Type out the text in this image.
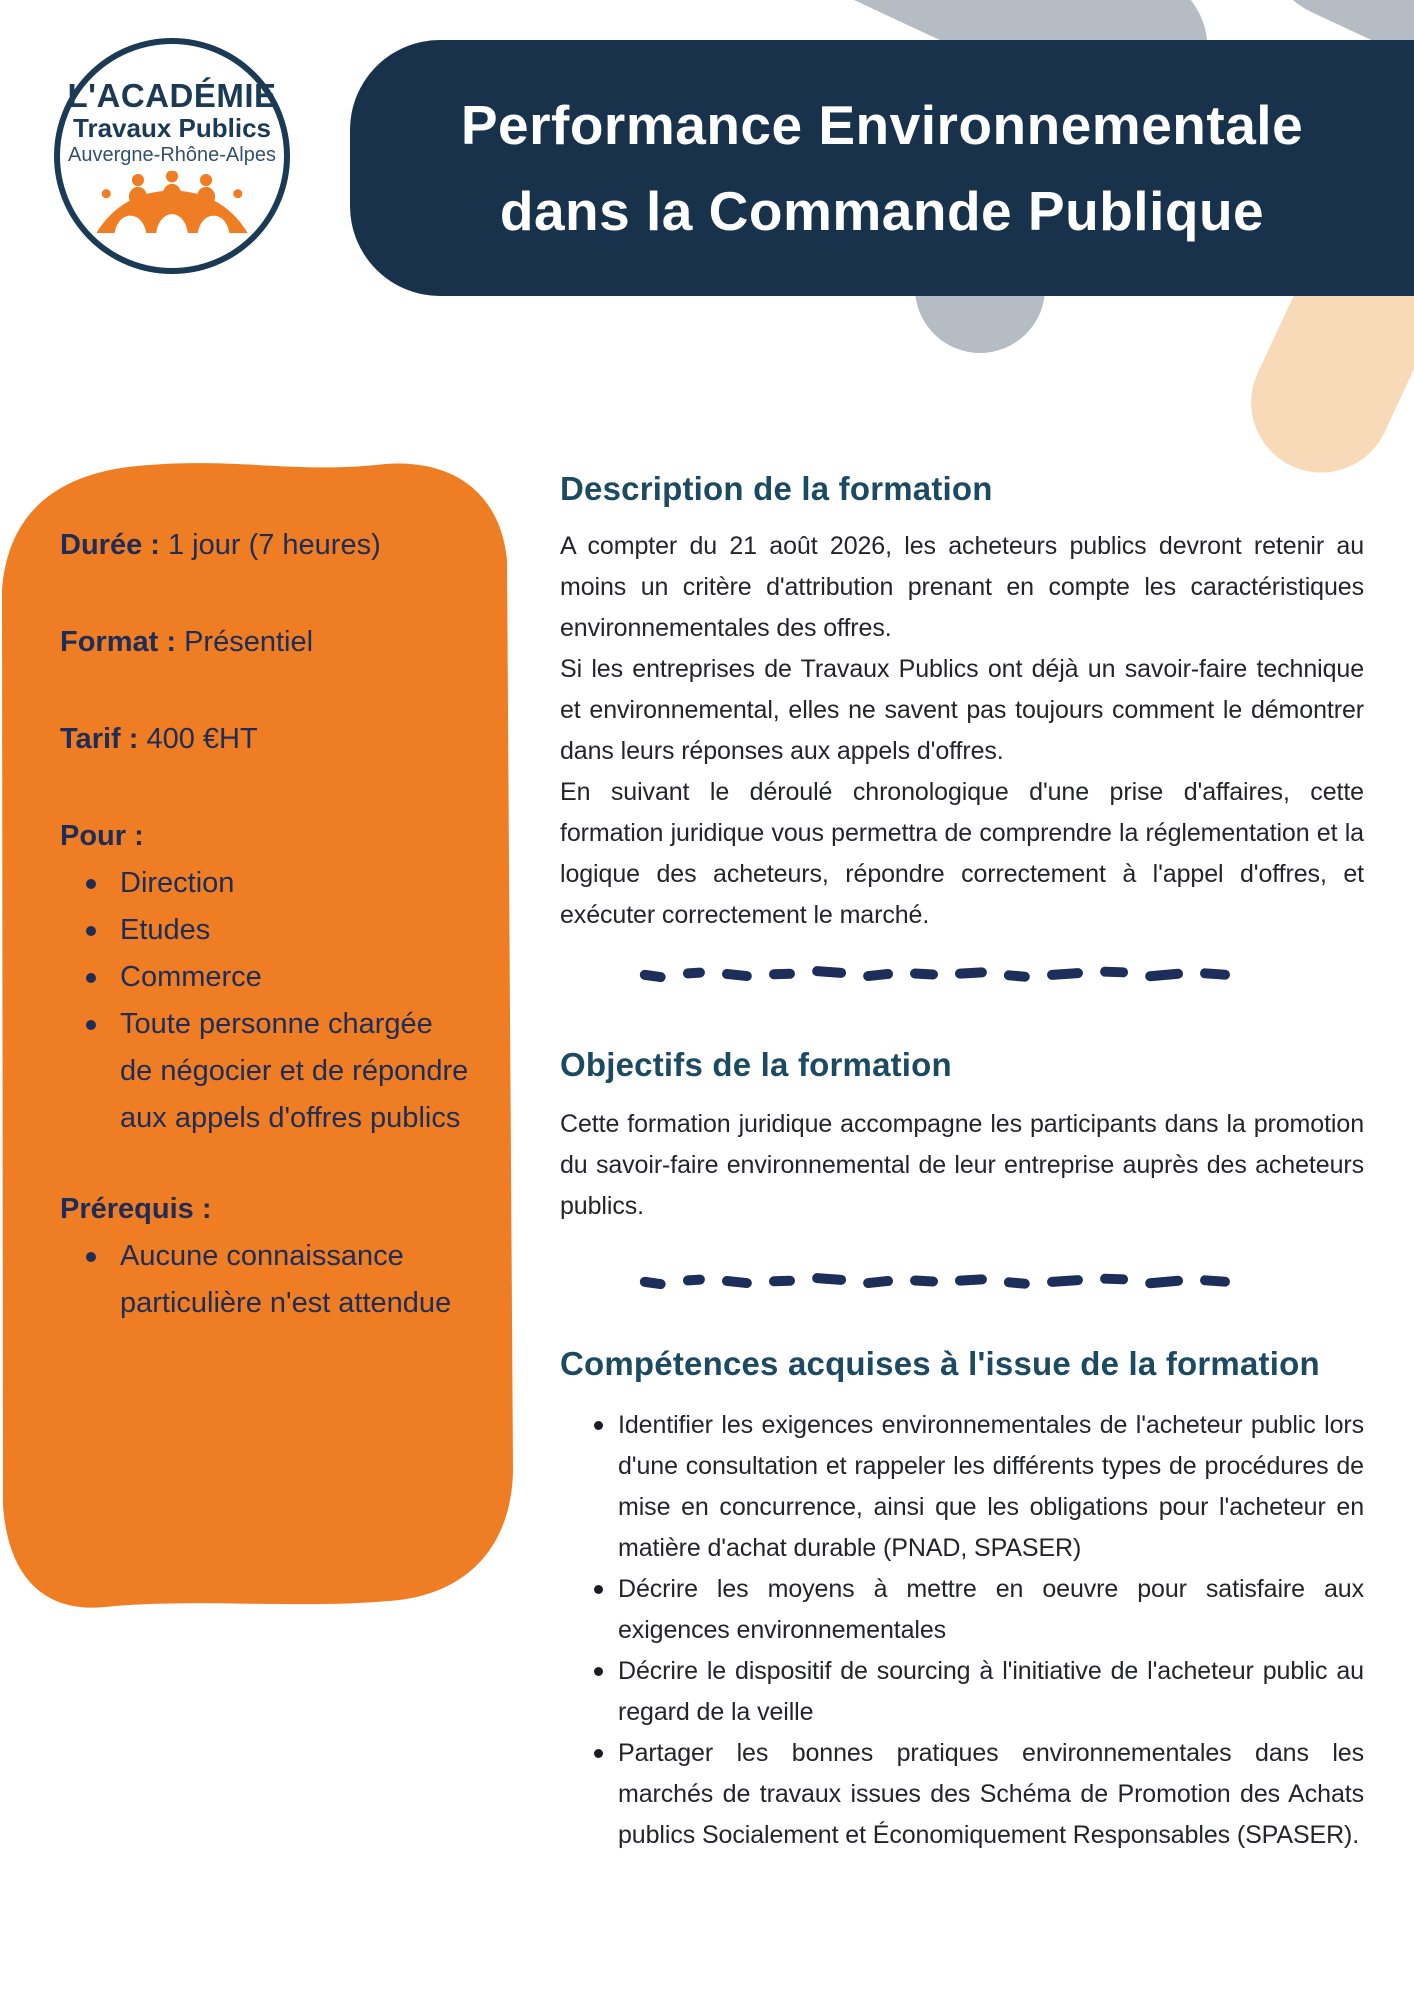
Performance Environnementale
dans la Commande Publique
L'ACADÉMIE
Travaux Publics
Auvergne-Rhône-Alpes
Durée : 1 jour (7 heures)
Format : Présentiel
Tarif : 400 €HT
Pour :
Direction
Etudes
Commerce
Toute personne chargée de négocier et de répondre aux appels d'offres publics
Prérequis :
Aucune connaissance particulière n'est attendue
Description de la formation

A compter du 21 août 2026, les acheteurs publics devront retenir au moins un critère d'attribution prenant en compte les caractéristiques environnementales des offres.

Si les entreprises de Travaux Publics ont déjà un savoir-faire technique et environnemental, elles ne savent pas toujours comment le démontrer dans leurs réponses aux appels d'offres.

En suivant le déroulé chronologique d'une prise d'affaires, cette formation juridique vous permettra de comprendre la réglementation et la logique des acheteurs, répondre correctement à l'appel d'offres, et exécuter correctement le marché.

Objectifs de la formation

Cette formation juridique accompagne les participants dans la promotion du savoir-faire environnemental de leur entreprise auprès des acheteurs publics.

Compétences acquises à l'issue de la formation
Identifier les exigences environnementales de l'acheteur public lors d'une consultation et rappeler les différents types de procédures de mise en concurrence, ainsi que les obligations pour l'acheteur en matière d'achat durable (PNAD, SPASER)
Décrire les moyens à mettre en oeuvre pour satisfaire aux exigences environnementales
Décrire le dispositif de sourcing à l'initiative de l'acheteur public au regard de la veille
Partager les bonnes pratiques environnementales dans les marchés de travaux issues des Schéma de Promotion des Achats publics Socialement et Économiquement Responsables (SPASER).
